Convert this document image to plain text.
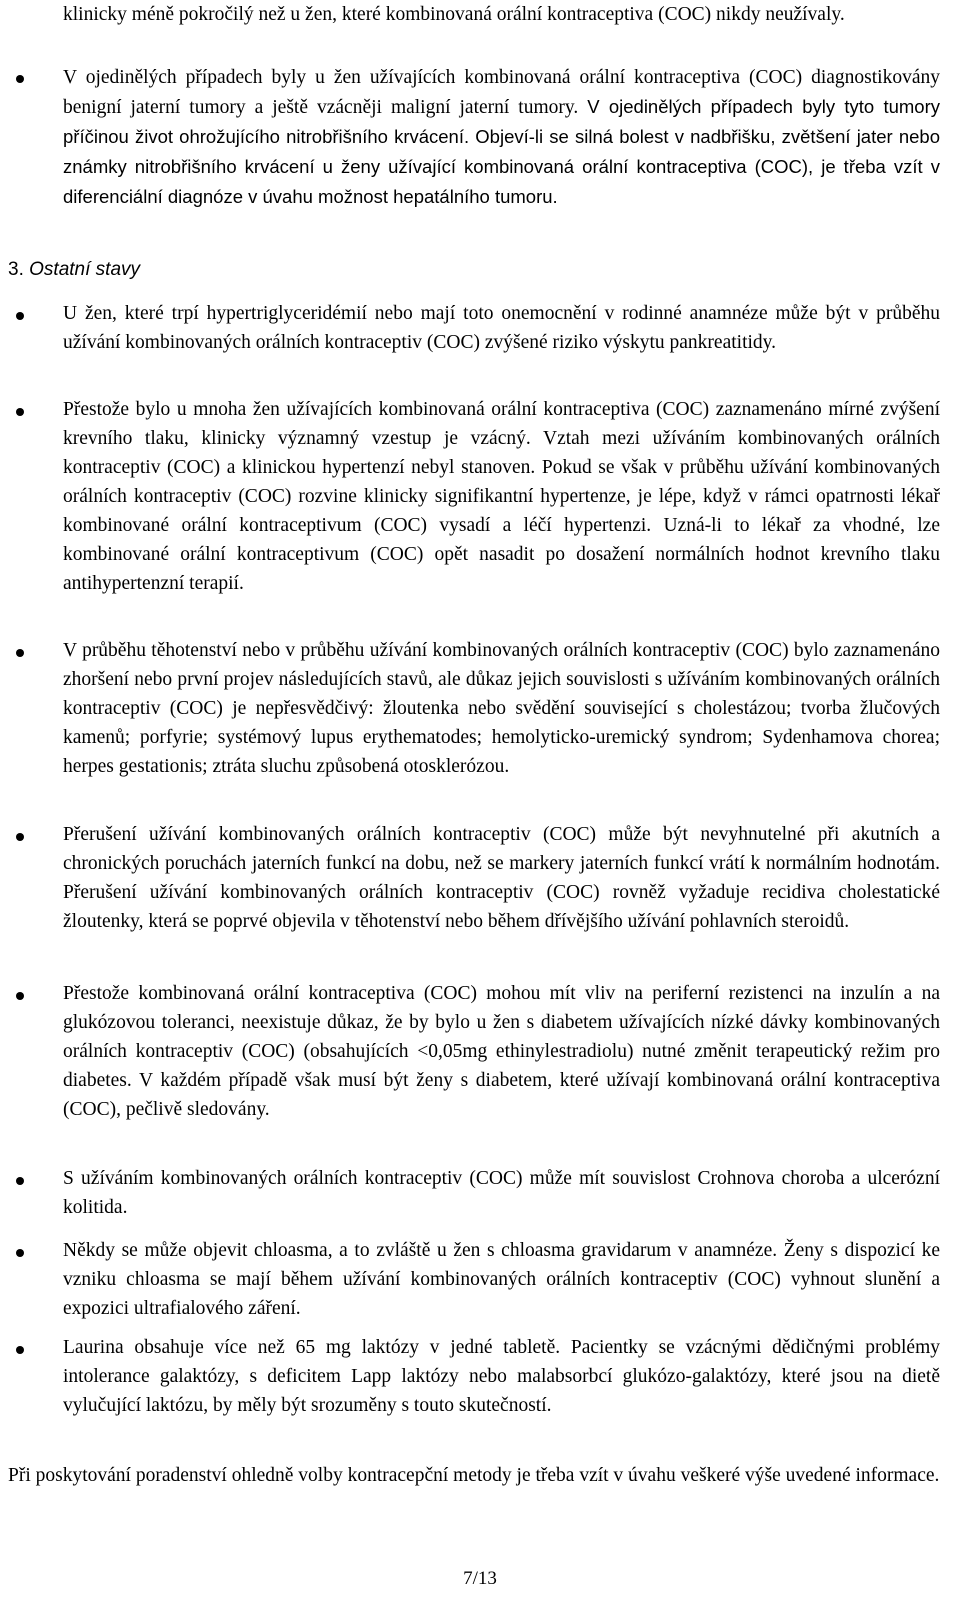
klinicky méně pokročilý než u žen, které kombinovaná orální kontraceptiva (COC) nikdy neužívaly.

V ojedinělých případech byly u žen užívajících kombinovaná orální kontraceptiva (COC) diagnostikovány benigní jaterní tumory a ještě vzácněji maligní jaterní tumory. V ojedinělých případech byly tyto tumory příčinou život ohrožujícího nitrobřišního krvácení. Objeví-li se silná bolest v nadbřišku, zvětšení jater nebo známky nitrobřišního krvácení u ženy užívající kombinovaná orální kontraceptiva (COC), je třeba vzít v diferenciální diagnóze v úvahu možnost hepatálního tumoru.

3. Ostatní stavy

U žen, které trpí hypertriglyceridémií nebo mají toto onemocnění v rodinné anamnéze může být v průběhu užívání kombinovaných orálních kontraceptiv (COC) zvýšené riziko výskytu pankreatitidy.

Přestože bylo u mnoha žen užívajících kombinovaná orální kontraceptiva (COC) zaznamenáno mírné zvýšení krevního tlaku, klinicky významný vzestup je vzácný. Vztah mezi užíváním kombinovaných orálních kontraceptiv (COC) a klinickou hypertenzí nebyl stanoven. Pokud se však v průběhu užívání kombinovaných orálních kontraceptiv (COC) rozvine klinicky signifikantní hypertenze, je lépe, když v rámci opatrnosti lékař kombinované orální kontraceptivum (COC) vysadí a léčí hypertenzi. Uzná-li to lékař za vhodné, lze kombinované orální kontraceptivum (COC) opět nasadit po dosažení normálních hodnot krevního tlaku antihypertenzní terapií.

V průběhu těhotenství nebo v průběhu užívání kombinovaných orálních kontraceptiv (COC) bylo zaznamenáno zhoršení nebo první projev následujících stavů, ale důkaz jejich souvislosti s užíváním kombinovaných orálních kontraceptiv (COC) je nepřesvědčivý: žloutenka nebo svědění související s cholestázou; tvorba žlučových kamenů; porfyrie; systémový lupus erythematodes; hemolyticko-uremický syndrom; Sydenhamova chorea; herpes gestationis; ztráta sluchu způsobená otosklerózou.

Přerušení užívání kombinovaných orálních kontraceptiv (COC) může být nevyhnutelné při akutních a chronických poruchách jaterních funkcí na dobu, než se markery jaterních funkcí vrátí k normálním hodnotám. Přerušení užívání kombinovaných orálních kontraceptiv (COC) rovněž vyžaduje recidiva cholestatické žloutenky, která se poprvé objevila v těhotenství nebo během dřívějšího užívání pohlavních steroidů.

Přestože kombinovaná orální kontraceptiva (COC) mohou mít vliv na periferní rezistenci na inzulín a na glukózovou toleranci, neexistuje důkaz, že by bylo u žen s diabetem užívajících nízké dávky kombinovaných orálních kontraceptiv (COC) (obsahujících <0,05mg ethinylestradiolu) nutné změnit terapeutický režim pro diabetes. V každém případě však musí být ženy s diabetem, které užívají kombinovaná orální kontraceptiva (COC), pečlivě sledovány.

S užíváním kombinovaných orálních kontraceptiv (COC) může mít souvislost Crohnova choroba a ulcerózní kolitida.

Někdy se může objevit chloasma, a to zvláště u žen s chloasma gravidarum v anamnéze. Ženy s dispozicí ke vzniku chloasma se mají během užívání kombinovaných orálních kontraceptiv (COC) vyhnout slunění a expozici ultrafialového záření.

Laurina obsahuje více než 65 mg laktózy v jedné tabletě. Pacientky se vzácnými dědičnými problémy intolerance galaktózy, s deficitem Lapp laktózy nebo malabsorbcí glukózo-galaktózy, které jsou na dietě vylučující laktózu, by měly být srozuměny s touto skutečností.

Při poskytování poradenství ohledně volby kontracepční metody je třeba vzít v úvahu veškeré výše uvedené informace.

7/13
